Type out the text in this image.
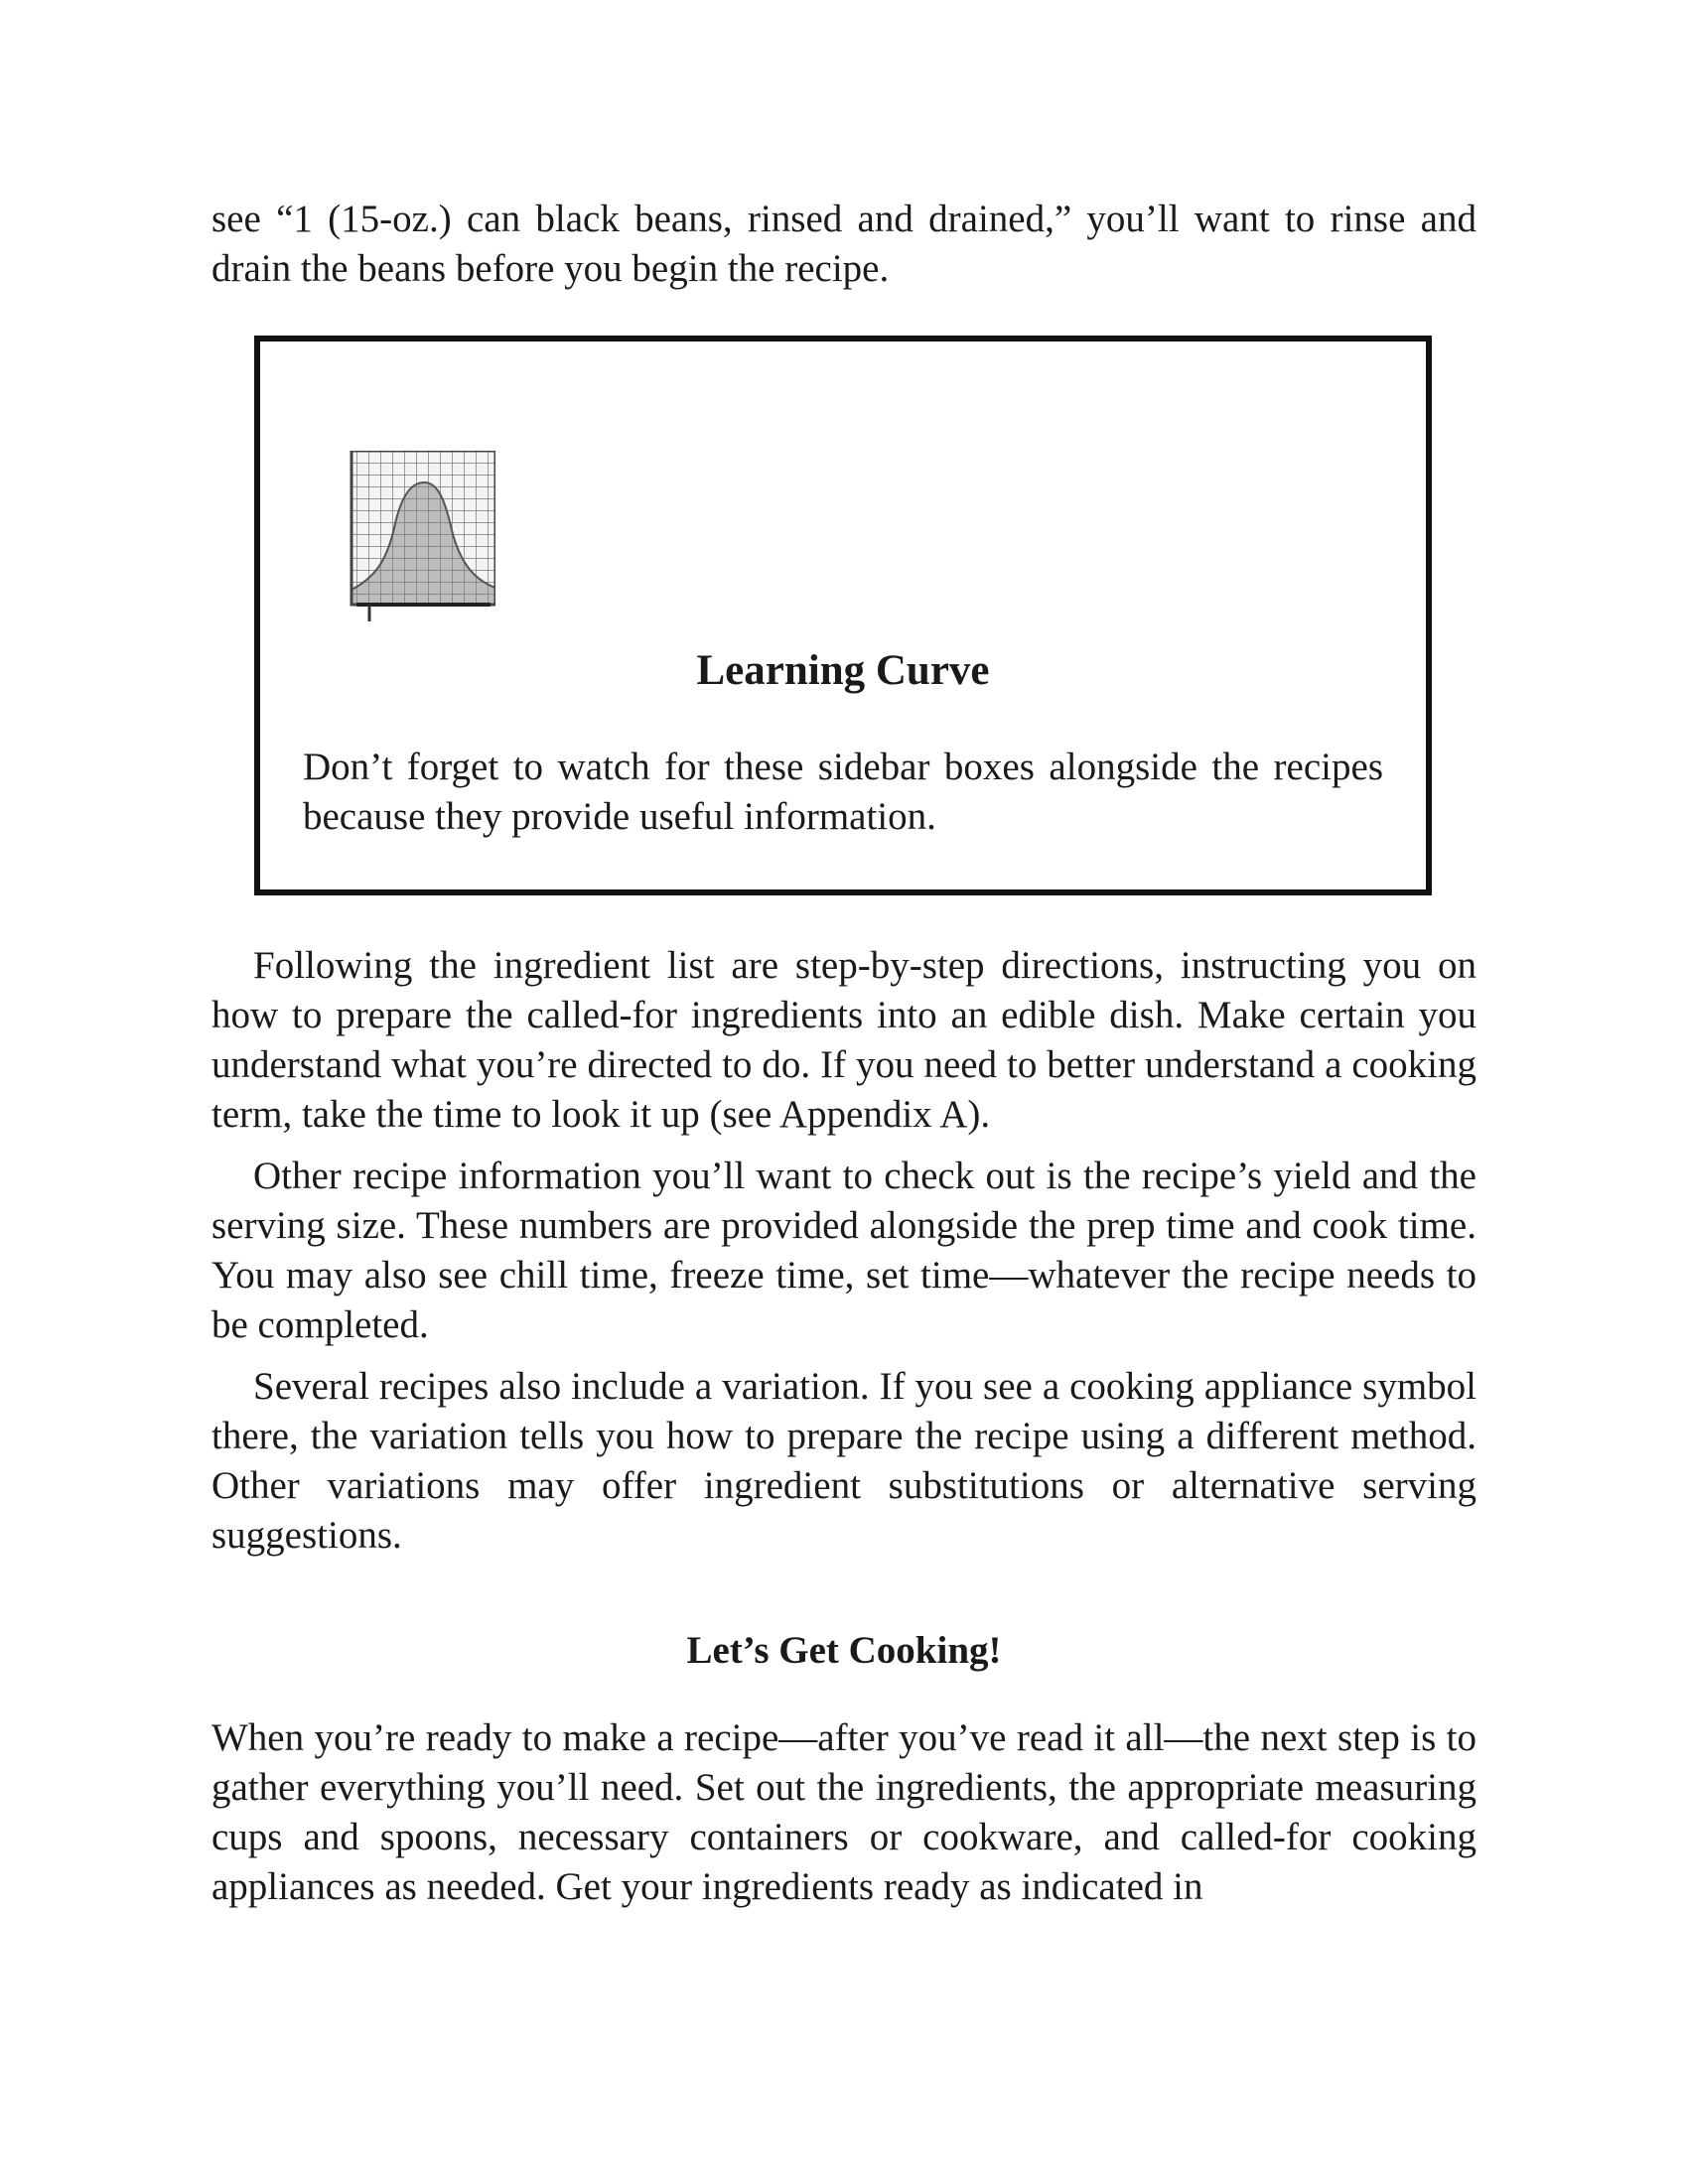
see “1 (15-oz.) can black beans, rinsed and drained,” you’ll want to rinse and drain the beans before you begin the recipe.

Learning Curve

Don’t forget to watch for these sidebar boxes alongside the recipes because they provide useful information.

Following the ingredient list are step-by-step directions, instructing you on how to prepare the called-for ingredients into an edible dish. Make certain you understand what you’re directed to do. If you need to better understand a cooking term, take the time to look it up (see Appendix A).

Other recipe information you’ll want to check out is the recipe’s yield and the serving size. These numbers are provided alongside the prep time and cook time. You may also see chill time, freeze time, set time—whatever the recipe needs to be completed.

Several recipes also include a variation. If you see a cooking appliance symbol there, the variation tells you how to prepare the recipe using a different method. Other variations may offer ingredient substitutions or alternative serving suggestions.

Let’s Get Cooking!

When you’re ready to make a recipe—after you’ve read it all—the next step is to gather everything you’ll need. Set out the ingredients, the appropriate measuring cups and spoons, necessary containers or cookware, and called-for cooking appliances as needed. Get your ingredients ready as indicated in
